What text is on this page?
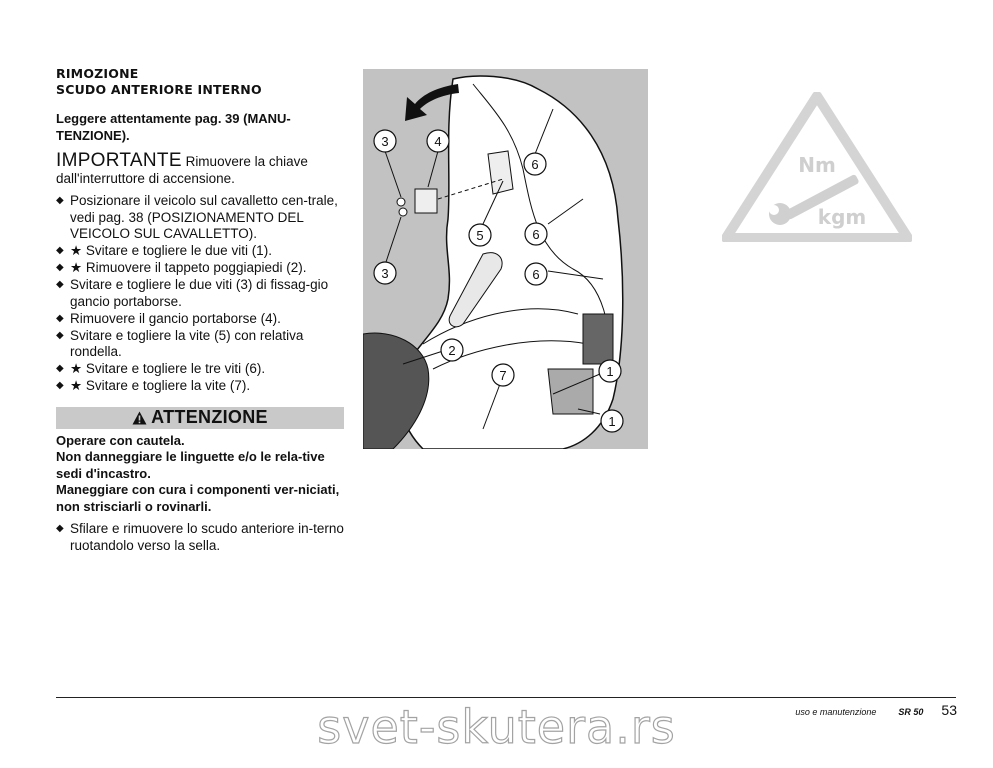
RIMOZIONE
SCUDO ANTERIORE INTERNO
Leggere attentamente pag. 39 (MANU-
TENZIONE).
IMPORTANTE Rimuovere la chiave
dall'interruttore di accensione.
◆ Posizionare il veicolo sul cavalletto cen-trale, vedi pag. 38 (POSIZIONAMENTO DEL VEICOLO SUL CAVALLETTO).
◆ ★ Svitare e togliere le due viti (1).
◆ ★ Rimuovere il tappeto poggiapiedi (2).
◆ Svitare e togliere le due viti (3) di fissag-gio gancio portaborse.
◆ Rimuovere il gancio portaborse (4).
◆ Svitare e togliere la vite (5) con relativa rondella.
◆ ★ Svitare e togliere le tre viti (6).
◆ ★ Svitare e togliere la vite (7).
ATTENZIONE
Operare con cautela.
Non danneggiare le linguette e/o le rela-tive sedi d'incastro.
Maneggiare con cura i componenti ver-niciati, non strisciarli o rovinarli.
◆ Sfilare e rimuovere lo scudo anteriore in-terno ruotandolo verso la sella.
3	4
6
6
5
6
3
2
7	1
1
Nm
kgm
uso e manutenzione SR 50 53
svet-skutera.rs
